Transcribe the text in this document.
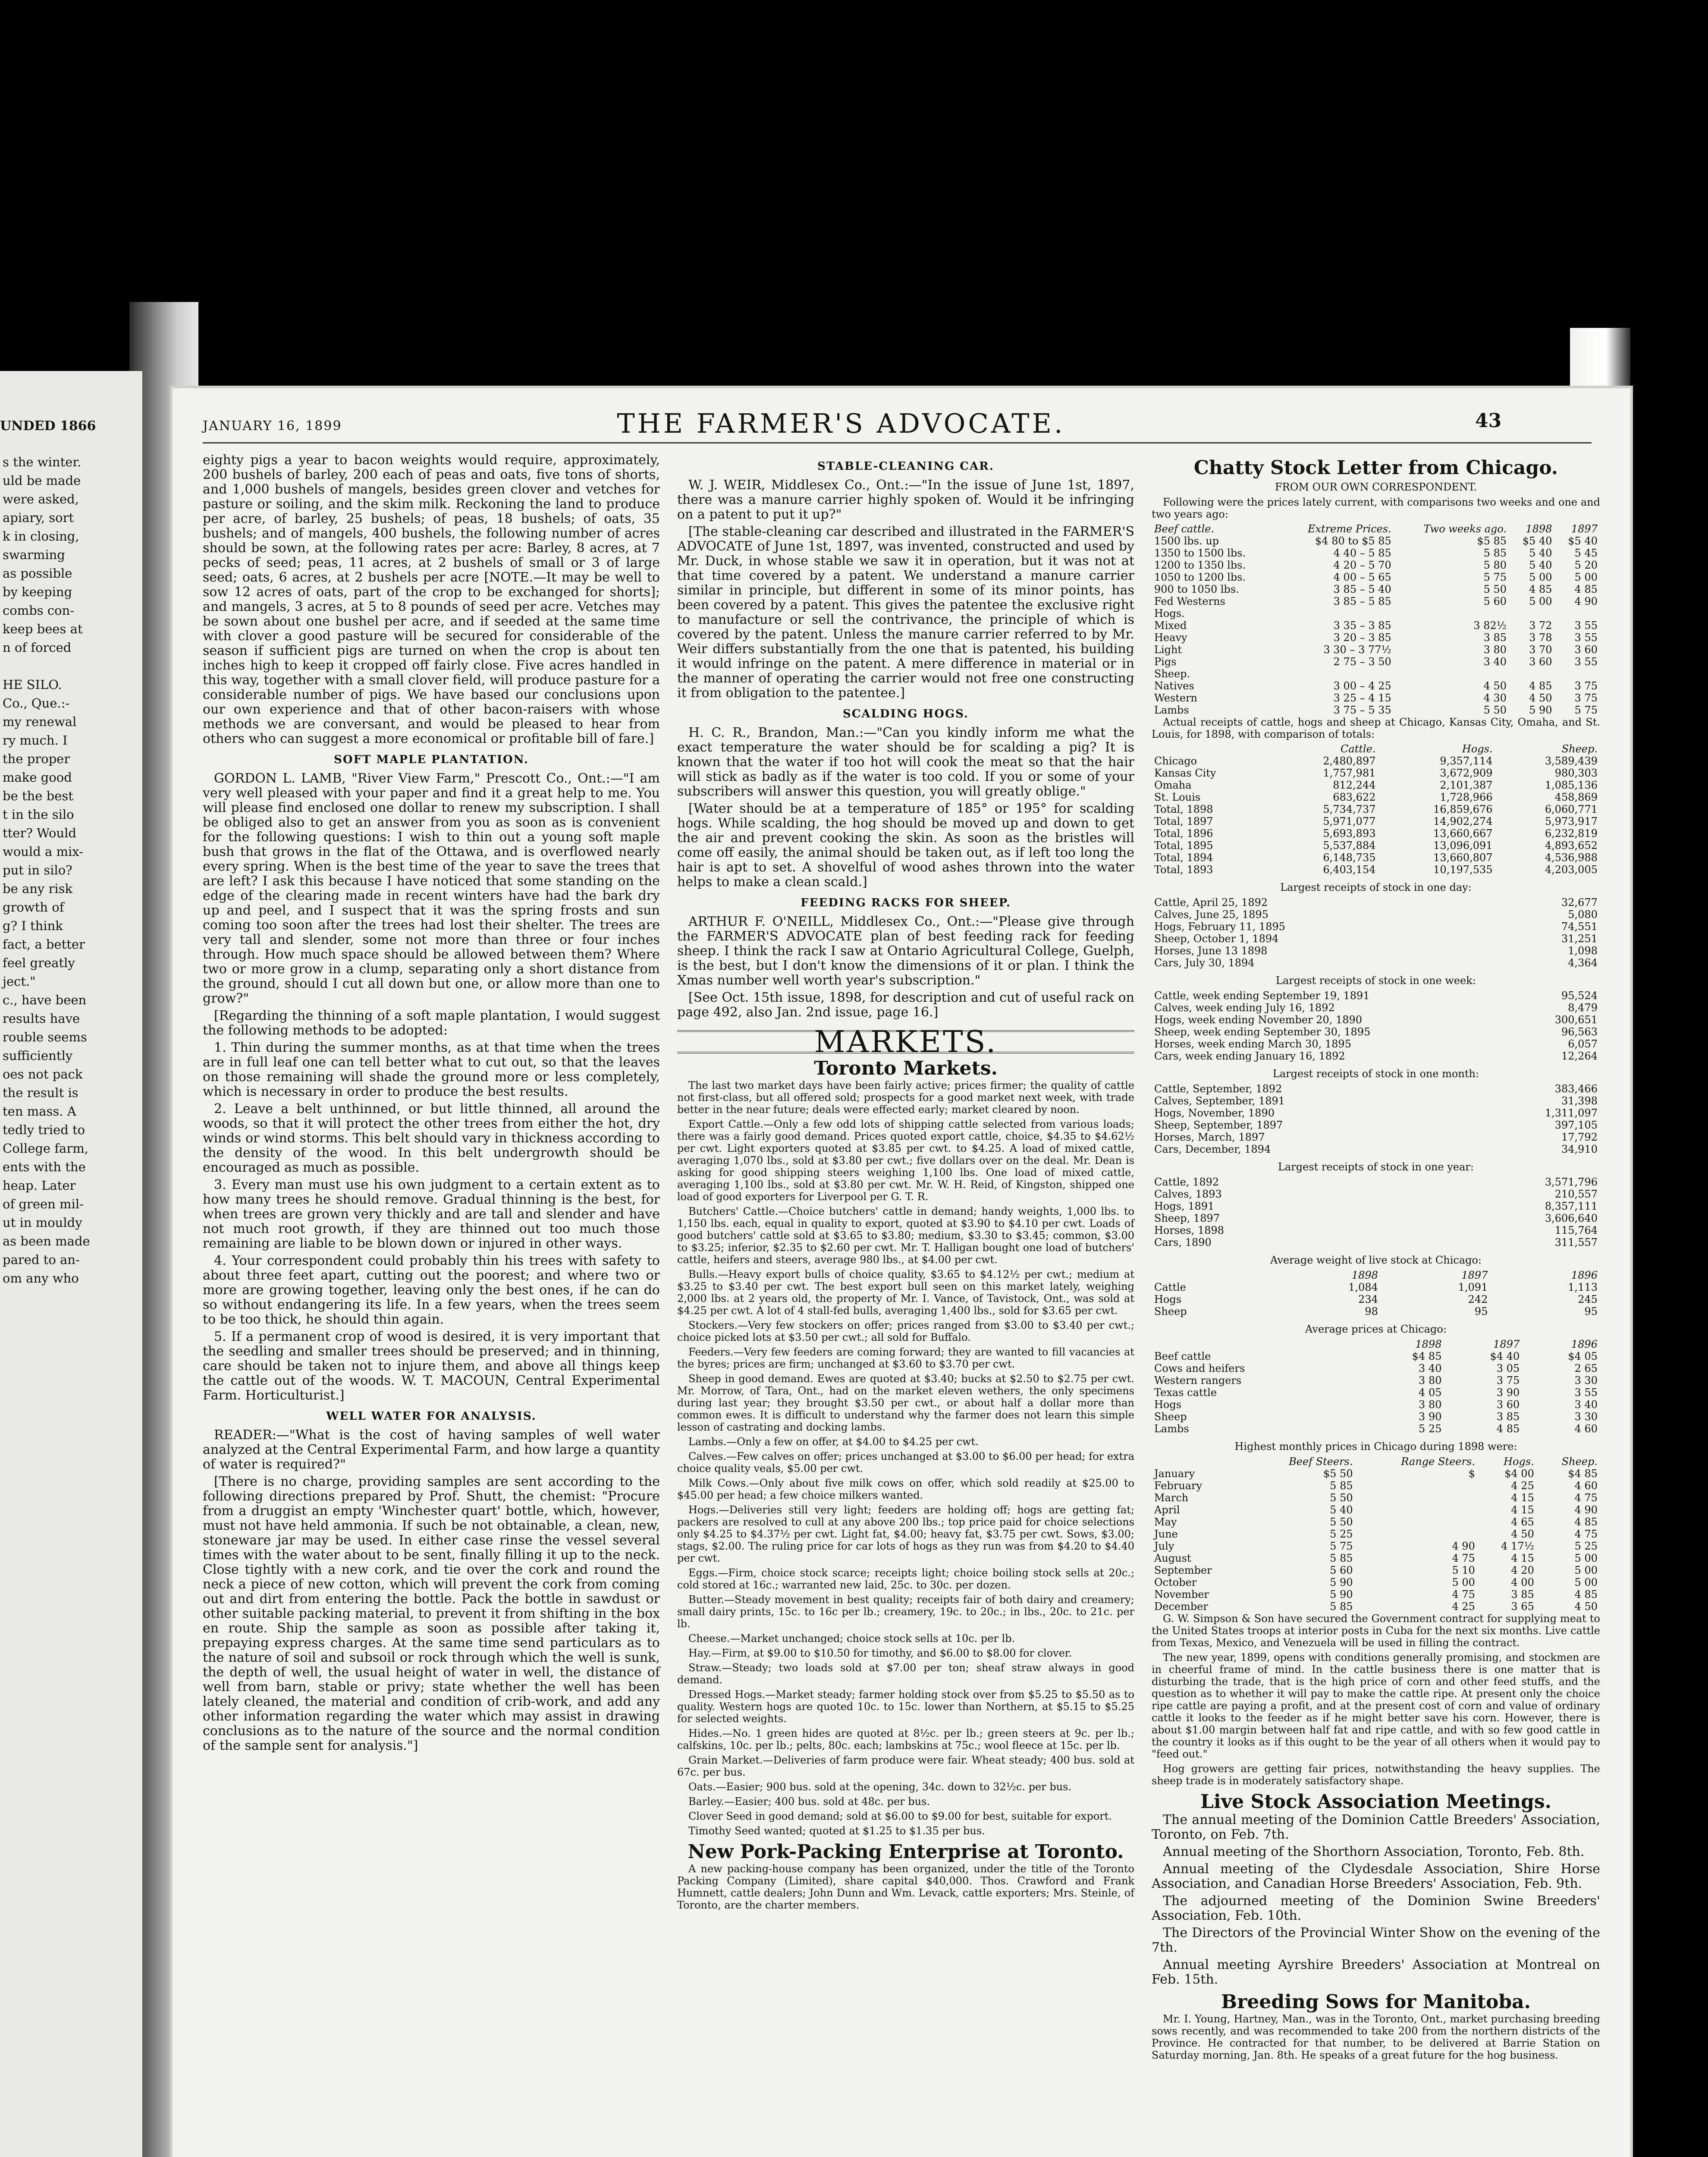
UNDED 1866
s the winter.
uld be made
were asked,
apiary, sort
k in closing,
swarming
as possible
by keeping
combs con-
keep bees at
n of forced

HE SILO.
Co., Que.:-
my renewal
ry much. I
the proper
make good
be the best
t in the silo
tter? Would
would a mix-
put in silo?
be any risk
growth of
g? I think
fact, a better
feel greatly
ject."
c., have been
results have
rouble seems
sufficiently
oes not pack
the result is
ten mass. A
tedly tried to
College farm,
ents with the
heap. Later
of green mil-
ut in mouldy
as been made
pared to an-
om any who
JANUARY 16, 1899	THE FARMER'S ADVOCATE.	43

eighty pigs a year to bacon weights would require, approximately, 200 bushels of barley, 200 each of peas and oats, five tons of shorts, and 1,000 bushels of mangels, besides green clover and vetches for pasture or soiling, and the skim milk. Reckoning the land to produce per acre, of barley, 25 bushels; of peas, 18 bushels; of oats, 35 bushels; and of mangels, 400 bushels, the following number of acres should be sown, at the following rates per acre: Barley, 8 acres, at 7 pecks of seed; peas, 11 acres, at 2 bushels of small or 3 of large seed; oats, 6 acres, at 2 bushels per acre [NOTE.—It may be well to sow 12 acres of oats, part of the crop to be exchanged for shorts]; and mangels, 3 acres, at 5 to 8 pounds of seed per acre. Vetches may be sown about one bushel per acre, and if seeded at the same time with clover a good pasture will be secured for considerable of the season if sufficient pigs are turned on when the crop is about ten inches high to keep it cropped off fairly close. Five acres handled in this way, together with a small clover field, will produce pasture for a considerable number of pigs. We have based our conclusions upon our own experience and that of other bacon-raisers with whose methods we are conversant, and would be pleased to hear from others who can suggest a more economical or profitable bill of fare.]

SOFT MAPLE PLANTATION.

GORDON L. LAMB, "River View Farm," Prescott Co., Ont.:—"I am very well pleased with your paper and find it a great help to me. You will please find enclosed one dollar to renew my subscription. I shall be obliged also to get an answer from you as soon as is convenient for the following questions: I wish to thin out a young soft maple bush that grows in the flat of the Ottawa, and is overflowed nearly every spring. When is the best time of the year to save the trees that are left? I ask this because I have noticed that some standing on the edge of the clearing made in recent winters have had the bark dry up and peel, and I suspect that it was the spring frosts and sun coming too soon after the trees had lost their shelter. The trees are very tall and slender, some not more than three or four inches through. How much space should be allowed between them? Where two or more grow in a clump, separating only a short distance from the ground, should I cut all down but one, or allow more than one to grow?"

[Regarding the thinning of a soft maple plantation, I would suggest the following methods to be adopted:

1. Thin during the summer months, as at that time when the trees are in full leaf one can tell better what to cut out, so that the leaves on those remaining will shade the ground more or less completely, which is necessary in order to produce the best results.

2. Leave a belt unthinned, or but little thinned, all around the woods, so that it will protect the other trees from either the hot, dry winds or wind storms. This belt should vary in thickness according to the density of the wood. In this belt undergrowth should be encouraged as much as possible.

3. Every man must use his own judgment to a certain extent as to how many trees he should remove. Gradual thinning is the best, for when trees are grown very thickly and are tall and slender and have not much root growth, if they are thinned out too much those remaining are liable to be blown down or injured in other ways.

4. Your correspondent could probably thin his trees with safety to about three feet apart, cutting out the poorest; and where two or more are growing together, leaving only the best ones, if he can do so without endangering its life. In a few years, when the trees seem to be too thick, he should thin again.

5. If a permanent crop of wood is desired, it is very important that the seedling and smaller trees should be preserved; and in thinning, care should be taken not to injure them, and above all things keep the cattle out of the woods. W. T. MACOUN, Central Experimental Farm. Horticulturist.]

WELL WATER FOR ANALYSIS.

READER:—"What is the cost of having samples of well water analyzed at the Central Experimental Farm, and how large a quantity of water is required?"

[There is no charge, providing samples are sent according to the following directions prepared by Prof. Shutt, the chemist: "Procure from a druggist an empty 'Winchester quart' bottle, which, however, must not have held ammonia. If such be not obtainable, a clean, new, stoneware jar may be used. In either case rinse the vessel several times with the water about to be sent, finally filling it up to the neck. Close tightly with a new cork, and tie over the cork and round the neck a piece of new cotton, which will prevent the cork from coming out and dirt from entering the bottle. Pack the bottle in sawdust or other suitable packing material, to prevent it from shifting in the box en route. Ship the sample as soon as possible after taking it, prepaying express charges. At the same time send particulars as to the nature of soil and subsoil or rock through which the well is sunk, the depth of well, the usual height of water in well, the distance of well from barn, stable or privy; state whether the well has been lately cleaned, the material and condition of crib-work, and add any other information regarding the water which may assist in drawing conclusions as to the nature of the source and the normal condition of the sample sent for analysis."]

STABLE-CLEANING CAR.

W. J. WEIR, Middlesex Co., Ont.:—"In the issue of June 1st, 1897, there was a manure carrier highly spoken of. Would it be infringing on a patent to put it up?"

[The stable-cleaning car described and illustrated in the FARMER'S ADVOCATE of June 1st, 1897, was invented, constructed and used by Mr. Duck, in whose stable we saw it in operation, but it was not at that time covered by a patent. We understand a manure carrier similar in principle, but different in some of its minor points, has been covered by a patent. This gives the patentee the exclusive right to manufacture or sell the contrivance, the principle of which is covered by the patent. Unless the manure carrier referred to by Mr. Weir differs substantially from the one that is patented, his building it would infringe on the patent. A mere difference in material or in the manner of operating the carrier would not free one constructing it from obligation to the patentee.]

SCALDING HOGS.

H. C. R., Brandon, Man.:—"Can you kindly inform me what the exact temperature the water should be for scalding a pig? It is known that the water if too hot will cook the meat so that the hair will stick as badly as if the water is too cold. If you or some of your subscribers will answer this question, you will greatly oblige."

[Water should be at a temperature of 185° or 195° for scalding hogs. While scalding, the hog should be moved up and down to get the air and prevent cooking the skin. As soon as the bristles will come off easily, the animal should be taken out, as if left too long the hair is apt to set. A shovelful of wood ashes thrown into the water helps to make a clean scald.]

FEEDING RACKS FOR SHEEP.

ARTHUR F. O'NEILL, Middlesex Co., Ont.:—"Please give through the FARMER'S ADVOCATE plan of best feeding rack for feeding sheep. I think the rack I saw at Ontario Agricultural College, Guelph, is the best, but I don't know the dimensions of it or plan. I think the Xmas number well worth year's subscription."

[See Oct. 15th issue, 1898, for description and cut of useful rack on page 492, also Jan. 2nd issue, page 16.]

MARKETS.
Toronto Markets.

The last two market days have been fairly active; prices firmer; the quality of cattle not first-class, but all offered sold; prospects for a good market next week, with trade better in the near future; deals were effected early; market cleared by noon.

Export Cattle.—Only a few odd lots of shipping cattle selected from various loads; there was a fairly good demand. Prices quoted export cattle, choice, $4.35 to $4.62½ per cwt. Light exporters quoted at $3.85 per cwt. to $4.25. A load of mixed cattle, averaging 1,070 lbs., sold at $3.80 per cwt.; five dollars over on the deal. Mr. Dean is asking for good shipping steers weighing 1,100 lbs. One load of mixed cattle, averaging 1,100 lbs., sold at $3.80 per cwt. Mr. W. H. Reid, of Kingston, shipped one load of good exporters for Liverpool per G. T. R.

Butchers' Cattle.—Choice butchers' cattle in demand; handy weights, 1,000 lbs. to 1,150 lbs. each, equal in quality to export, quoted at $3.90 to $4.10 per cwt. Loads of good butchers' cattle sold at $3.65 to $3.80; medium, $3.30 to $3.45; common, $3.00 to $3.25; inferior, $2.35 to $2.60 per cwt. Mr. T. Halligan bought one load of butchers' cattle, heifers and steers, average 980 lbs., at $4.00 per cwt.

Bulls.—Heavy export bulls of choice quality, $3.65 to $4.12½ per cwt.; medium at $3.25 to $3.40 per cwt. The best export bull seen on this market lately, weighing 2,000 lbs. at 2 years old, the property of Mr. I. Vance, of Tavistock, Ont., was sold at $4.25 per cwt. A lot of 4 stall-fed bulls, averaging 1,400 lbs., sold for $3.65 per cwt.

Stockers.—Very few stockers on offer; prices ranged from $3.00 to $3.40 per cwt.; choice picked lots at $3.50 per cwt.; all sold for Buffalo.

Feeders.—Very few feeders are coming forward; they are wanted to fill vacancies at the byres; prices are firm; unchanged at $3.60 to $3.70 per cwt.

Sheep in good demand. Ewes are quoted at $3.40; bucks at $2.50 to $2.75 per cwt. Mr. Morrow, of Tara, Ont., had on the market eleven wethers, the only specimens during last year; they brought $3.50 per cwt., or about half a dollar more than common ewes. It is difficult to understand why the farmer does not learn this simple lesson of castrating and docking lambs.

Lambs.—Only a few on offer, at $4.00 to $4.25 per cwt.

Calves.—Few calves on offer; prices unchanged at $3.00 to $6.00 per head; for extra choice quality veals, $5.00 per cwt.

Milk Cows.—Only about five milk cows on offer, which sold readily at $25.00 to $45.00 per head; a few choice milkers wanted.

Hogs.—Deliveries still very light; feeders are holding off; hogs are getting fat; packers are resolved to cull at any above 200 lbs.; top price paid for choice selections only $4.25 to $4.37½ per cwt. Light fat, $4.00; heavy fat, $3.75 per cwt. Sows, $3.00; stags, $2.00. The ruling price for car lots of hogs as they run was from $4.20 to $4.40 per cwt.

Eggs.—Firm, choice stock scarce; receipts light; choice boiling stock sells at 20c.; cold stored at 16c.; warranted new laid, 25c. to 30c. per dozen.

Butter.—Steady movement in best quality; receipts fair of both dairy and creamery; small dairy prints, 15c. to 16c per lb.; creamery, 19c. to 20c.; in lbs., 20c. to 21c. per lb.

Cheese.—Market unchanged; choice stock sells at 10c. per lb.

Hay.—Firm, at $9.00 to $10.50 for timothy, and $6.00 to $8.00 for clover.

Straw.—Steady; two loads sold at $7.00 per ton; sheaf straw always in good demand.

Dressed Hogs.—Market steady; farmer holding stock over from $5.25 to $5.50 as to quality. Western hogs are quoted 10c. to 15c. lower than Northern, at $5.15 to $5.25 for selected weights.

Hides.—No. 1 green hides are quoted at 8½c. per lb.; green steers at 9c. per lb.; calfskins, 10c. per lb.; pelts, 80c. each; lambskins at 75c.; wool fleece at 15c. per lb.

Grain Market.—Deliveries of farm produce were fair. Wheat steady; 400 bus. sold at 67c. per bus.

Oats.—Easier; 900 bus. sold at the opening, 34c. down to 32½c. per bus.

Barley.—Easier; 400 bus. sold at 48c. per bus.

Clover Seed in good demand; sold at $6.00 to $9.00 for best, suitable for export.

Timothy Seed wanted; quoted at $1.25 to $1.35 per bus.

New Pork-Packing Enterprise at Toronto.

A new packing-house company has been organized, under the title of the Toronto Packing Company (Limited), share capital $40,000. Thos. Crawford and Frank Humnett, cattle dealers; John Dunn and Wm. Levack, cattle exporters; Mrs. Steinle, of Toronto, are the charter members.

Chatty Stock Letter from Chicago.
FROM OUR OWN CORRESPONDENT.

Following were the prices lately current, with comparisons two weeks and one and two years ago:

Beef cattle.	Extreme Prices.	Two weeks ago.	1898	1897
1500 lbs. up	$4 80 to $5 85	$5 85	$5 40	$5 40
1350 to 1500 lbs.	4 40 – 5 85	5 85	5 40	5 45
1200 to 1350 lbs.	4 20 – 5 70	5 80	5 40	5 20
1050 to 1200 lbs.	4 00 – 5 65	5 75	5 00	5 00
900 to 1050 lbs.	3 85 – 5 40	5 50	4 85	4 85
Fed Westerns	3 85 – 5 85	5 60	5 00	4 90
Hogs.				
Mixed	3 35 – 3 85	3 82½	3 72	3 55
Heavy	3 20 – 3 85	3 85	3 78	3 55
Light	3 30 – 3 77½	3 80	3 70	3 60
Pigs	2 75 – 3 50	3 40	3 60	3 55
Sheep.				
Natives	3 00 – 4 25	4 50	4 85	3 75
Western	3 25 – 4 15	4 30	4 50	3 75
Lambs	3 75 – 5 35	5 50	5 90	5 75

Actual receipts of cattle, hogs and sheep at Chicago, Kansas City, Omaha, and St. Louis, for 1898, with comparison of totals:

	Cattle.	Hogs.	Sheep.
Chicago	2,480,897	9,357,114	3,589,439
Kansas City	1,757,981	3,672,909	980,303
Omaha	812,244	2,101,387	1,085,136
St. Louis	683,622	1,728,966	458,869
Total, 1898	5,734,737	16,859,676	6,060,771
Total, 1897	5,971,077	14,902,274	5,973,917
Total, 1896	5,693,893	13,660,667	6,232,819
Total, 1895	5,537,884	13,096,091	4,893,652
Total, 1894	6,148,735	13,660,807	4,536,988
Total, 1893	6,403,154	10,197,535	4,203,005
Largest receipts of stock in one day:
Cattle, April 25, 1892	32,677
Calves, June 25, 1895	5,080
Hogs, February 11, 1895	74,551
Sheep, October 1, 1894	31,251
Horses, June 13 1898	1,098
Cars, July 30, 1894	4,364
Largest receipts of stock in one week:
Cattle, week ending September 19, 1891	95,524
Calves, week ending July 16, 1892	8,479
Hogs, week ending November 20, 1890	300,651
Sheep, week ending September 30, 1895	96,563
Horses, week ending March 30, 1895	6,057
Cars, week ending January 16, 1892	12,264
Largest receipts of stock in one month:
Cattle, September, 1892	383,466
Calves, September, 1891	31,398
Hogs, November, 1890	1,311,097
Sheep, September, 1897	397,105
Horses, March, 1897	17,792
Cars, December, 1894	34,910
Largest receipts of stock in one year:
Cattle, 1892	3,571,796
Calves, 1893	210,557
Hogs, 1891	8,357,111
Sheep, 1897	3,606,640
Horses, 1898	115,764
Cars, 1890	311,557
Average weight of live stock at Chicago:
	1898	1897	1896
Cattle	1,084	1,091	1,113
Hogs	234	242	245
Sheep	98	95	95
Average prices at Chicago:
	1898	1897	1896
Beef cattle	$4 85	$4 40	$4 05
Cows and heifers	3 40	3 05	2 65
Western rangers	3 80	3 75	3 30
Texas cattle	4 05	3 90	3 55
Hogs	3 80	3 60	3 40
Sheep	3 90	3 85	3 30
Lambs	5 25	4 85	4 60
Highest monthly prices in Chicago during 1898 were:
	Beef Steers.	Range Steers.	Hogs.	Sheep.
January	$5 50	$	$4 00	$4 85
February	5 85		4 25	4 60
March	5 50		4 15	4 75
April	5 40		4 15	4 90
May	5 50		4 65	4 85
June	5 25		4 50	4 75
July	5 75	4 90	4 17½	5 25
August	5 85	4 75	4 15	5 00
September	5 60	5 10	4 20	5 00
October	5 90	5 00	4 00	5 00
November	5 90	4 75	3 85	4 85
December	5 85	4 25	3 65	4 50

G. W. Simpson & Son have secured the Government contract for supplying meat to the United States troops at interior posts in Cuba for the next six months. Live cattle from Texas, Mexico, and Venezuela will be used in filling the contract.

The new year, 1899, opens with conditions generally promising, and stockmen are in cheerful frame of mind. In the cattle business there is one matter that is disturbing the trade, that is the high price of corn and other feed stuffs, and the question as to whether it will pay to make the cattle ripe. At present only the choice ripe cattle are paying a profit, and at the present cost of corn and value of ordinary cattle it looks to the feeder as if he might better save his corn. However, there is about $1.00 margin between half fat and ripe cattle, and with so few good cattle in the country it looks as if this ought to be the year of all others when it would pay to "feed out."

Hog growers are getting fair prices, notwithstanding the heavy supplies. The sheep trade is in moderately satisfactory shape.

Live Stock Association Meetings.

The annual meeting of the Dominion Cattle Breeders' Association, Toronto, on Feb. 7th.

Annual meeting of the Shorthorn Association, Toronto, Feb. 8th.

Annual meeting of the Clydesdale Association, Shire Horse Association, and Canadian Horse Breeders' Association, Feb. 9th.

The adjourned meeting of the Dominion Swine Breeders' Association, Feb. 10th.

The Directors of the Provincial Winter Show on the evening of the 7th.

Annual meeting Ayrshire Breeders' Association at Montreal on Feb. 15th.

Breeding Sows for Manitoba.

Mr. I. Young, Hartney, Man., was in the Toronto, Ont., market purchasing breeding sows recently, and was recommended to take 200 from the northern districts of the Province. He contracted for that number, to be delivered at Barrie Station on Saturday morning, Jan. 8th. He speaks of a great future for the hog business.
